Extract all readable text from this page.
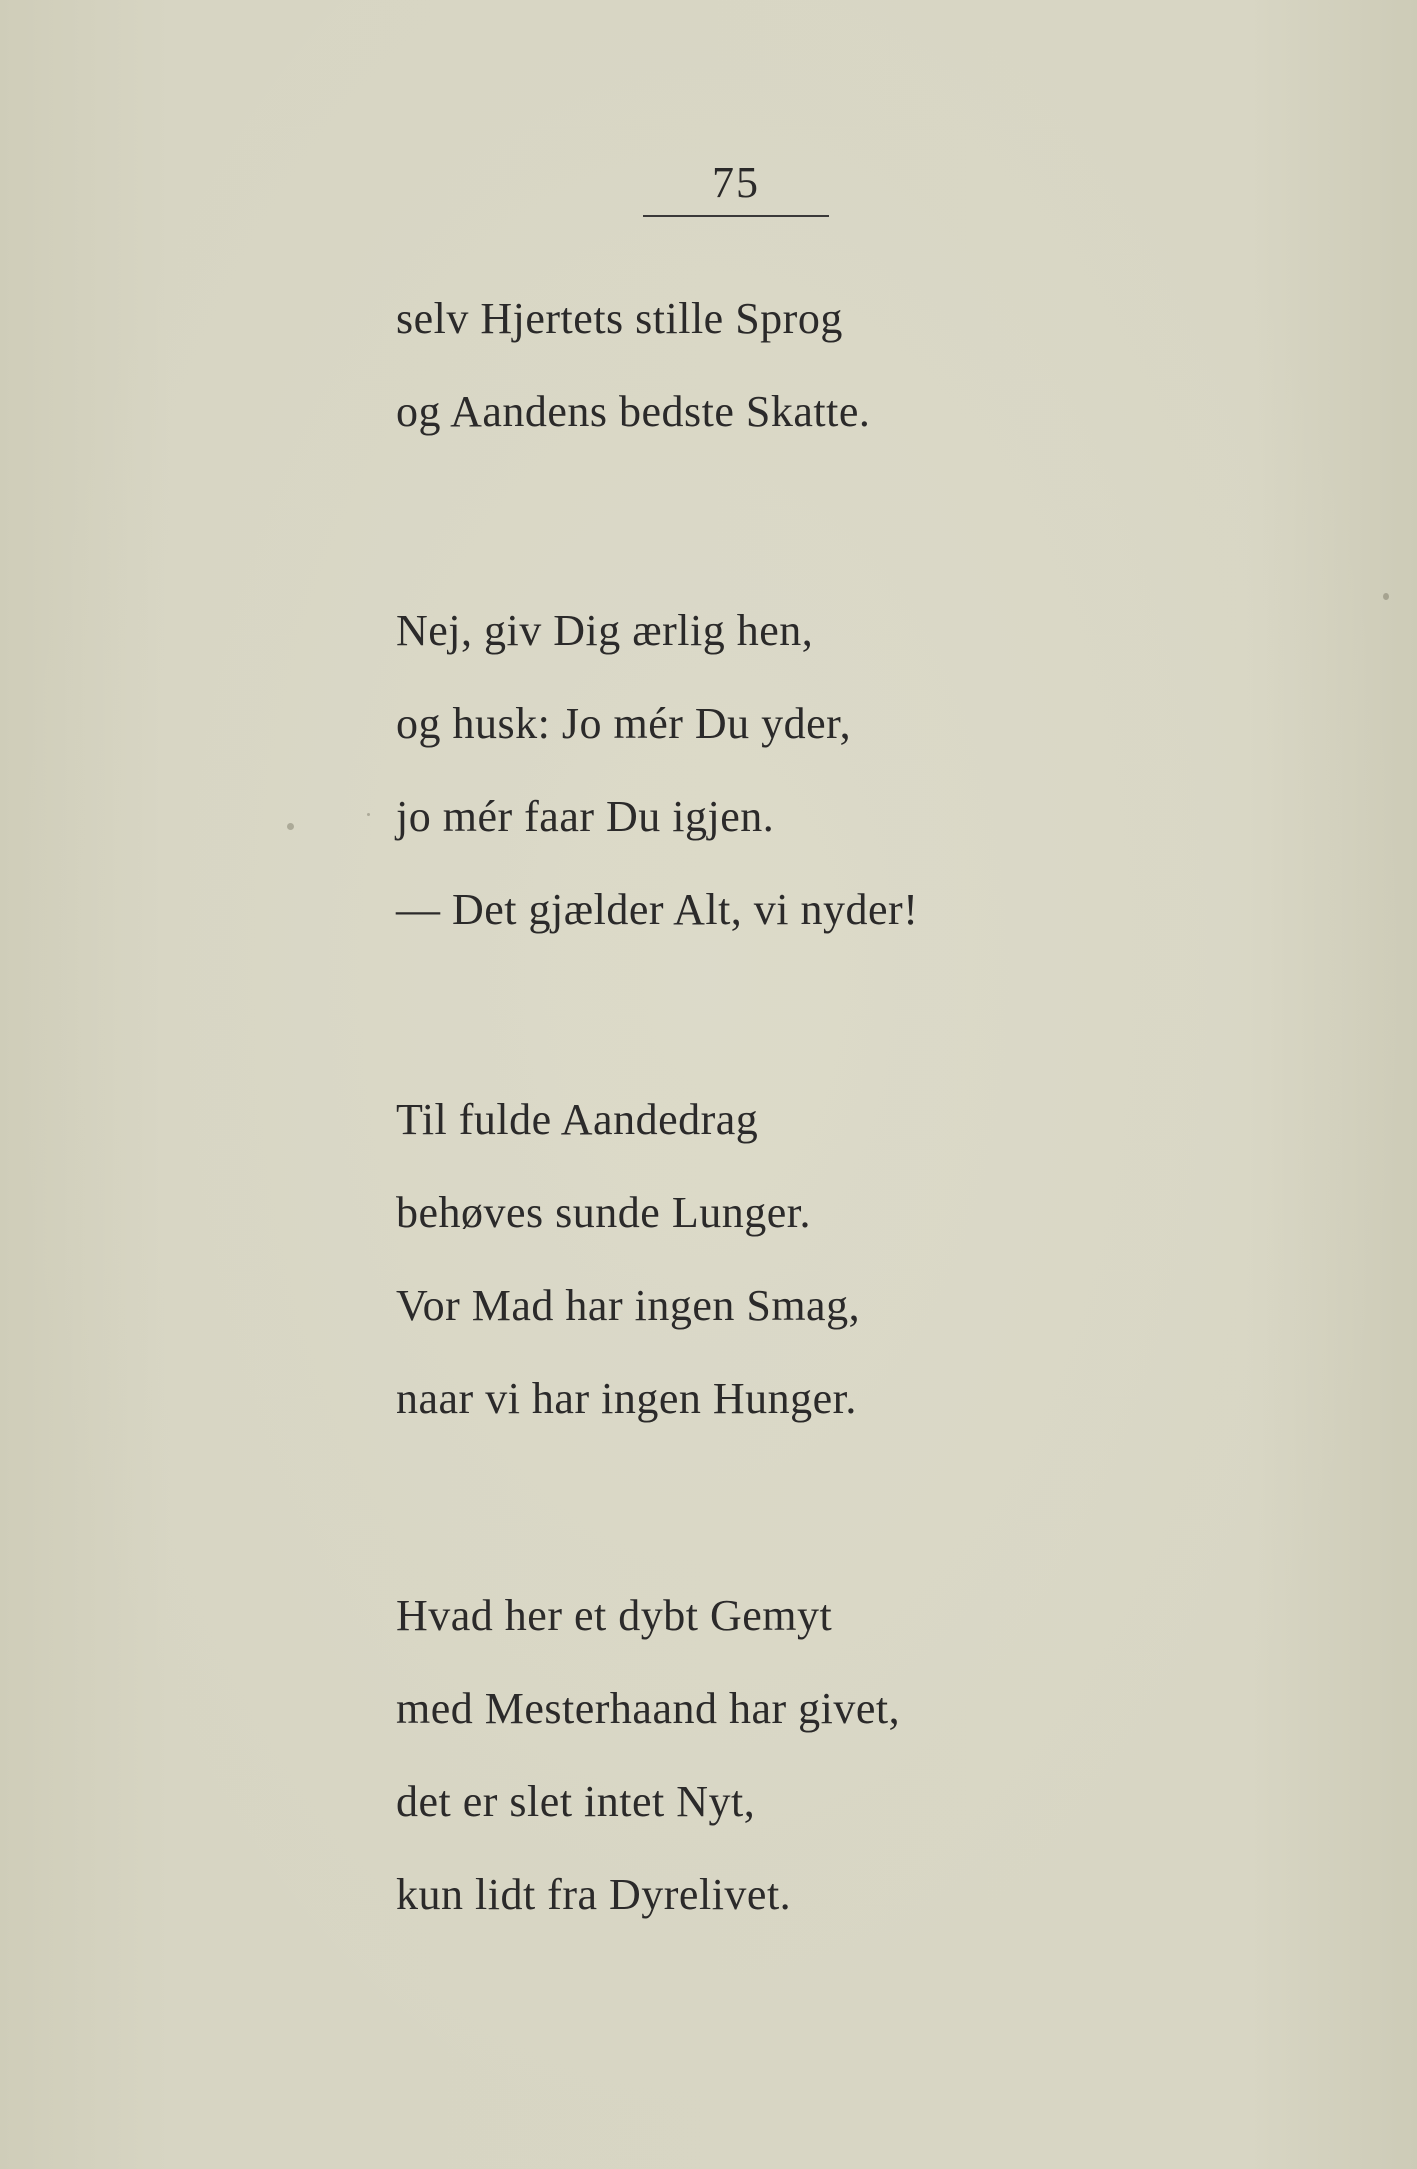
75
selv Hjertets stille Sprog
og Aandens bedste Skatte.
Nej, giv Dig ærlig hen,
og husk: Jo mér Du yder,
jo mér faar Du igjen.
— Det gjælder Alt, vi nyder!
Til fulde Aandedrag
behøves sunde Lunger.
Vor Mad har ingen Smag,
naar vi har ingen Hunger.
Hvad her et dybt Gemyt
med Mesterhaand har givet,
det er slet intet Nyt,
kun lidt fra Dyrelivet.
